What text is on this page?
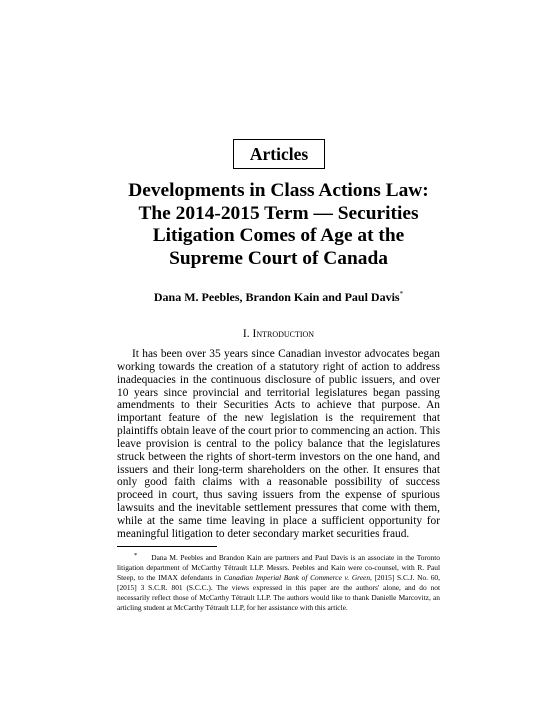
Articles
Developments in Class Actions Law:
The 2014-2015 Term — Securities
Litigation Comes of Age at the
Supreme Court of Canada
Dana M. Peebles, Brandon Kain and Paul Davis*
I. Introduction

It has been over 35 years since Canadian investor advocates began working towards the creation of a statutory right of action to address inadequacies in the continuous disclosure of public issuers, and over 10 years since provincial and territorial legislatures began passing amendments to their Securities Acts to achieve that purpose. An important feature of the new legislation is the requirement that plaintiffs obtain leave of the court prior to commencing an action. This leave provision is central to the policy balance that the legislatures struck between the rights of short-term investors on the one hand, and issuers and their long-term shareholders on the other. It ensures that only good faith claims with a reasonable possibility of success proceed in court, thus saving issuers from the expense of spurious lawsuits and the inevitable settlement pressures that come with them, while at the same time leaving in place a sufficient opportunity for meaningful litigation to deter secondary market securities fraud.

* Dana M. Peebles and Brandon Kain are partners and Paul Davis is an associate in the Toronto litigation department of McCarthy Tétrault LLP. Messrs. Peebles and Kain were co-counsel, with R. Paul Steep, to the IMAX defendants in Canadian Imperial Bank of Commerce v. Green, [2015] S.C.J. No. 60, [2015] 3 S.C.R. 801 (S.C.C.). The views expressed in this paper are the authors' alone, and do not necessarily reflect those of McCarthy Tétrault LLP. The authors would like to thank Danielle Marcovitz, an articling student at McCarthy Tétrault LLP, for her assistance with this article.
